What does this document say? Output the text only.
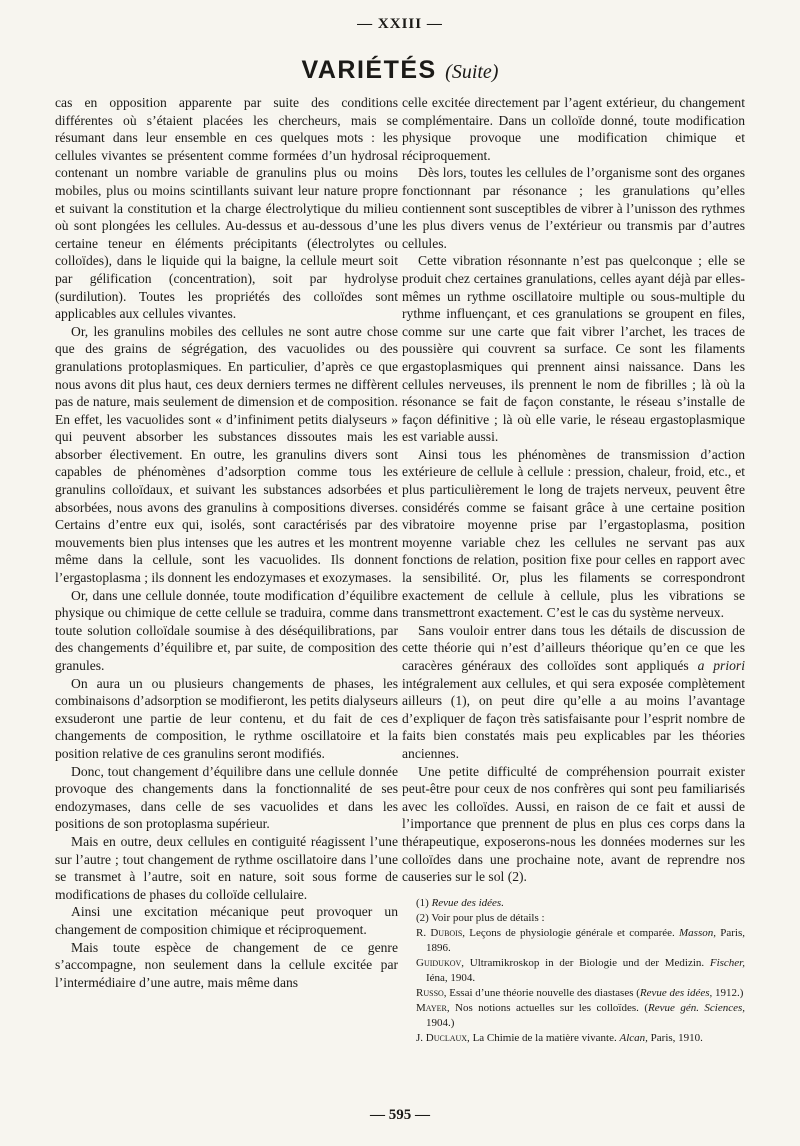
— XXIII —
VARIÉTÉS (Suite)

cas en opposition apparente par suite des conditions différentes où s’étaient placées les chercheurs, mais se résumant dans leur ensemble en ces quelques mots : les cellules vivantes se présentent comme formées d’un hydrosal contenant un nombre variable de granulins plus ou moins mobiles, plus ou moins scintillants suivant leur nature propre et suivant la constitution et la charge électrolytique du milieu où sont plongées les cellules. Au-dessus et au-dessous d’une certaine teneur en éléments précipitants (électrolytes ou colloïdes), dans le liquide qui la baigne, la cellule meurt soit par gélification (concentration), soit par hydrolyse (surdilution). Toutes les propriétés des colloïdes sont applicables aux cellules vivantes.

Or, les granulins mobiles des cellules ne sont autre chose que des grains de ségrégation, des vacuolides ou des granulations protoplasmiques. En particulier, d’après ce que nous avons dit plus haut, ces deux derniers termes ne diffèrent pas de nature, mais seulement de dimension et de composition. En effet, les vacuolides sont « d’infiniment petits dialyseurs » qui peuvent absorber les substances dissoutes mais les absorber électivement. En outre, les granulins divers sont capables de phénomènes d’adsorption comme tous les granulins colloïdaux, et suivant les substances adsorbées et absorbées, nous avons des granulins à compositions diverses. Certains d’entre eux qui, isolés, sont caractérisés par des mouvements bien plus intenses que les autres et les montrent même dans la cellule, sont les vacuolides. Ils donnent l’ergastoplasma ; ils donnent les endozymases et exozymases.

Or, dans une cellule donnée, toute modification d’équilibre physique ou chimique de cette cellule se traduira, comme dans toute solution colloïdale soumise à des déséquilibrations, par des changements d’équilibre et, par suite, de composition des granules.

On aura un ou plusieurs changements de phases, les combinaisons d’adsorption se modifieront, les petits dialyseurs exsuderont une partie de leur contenu, et du fait de ces changements de composition, le rythme oscillatoire et la position relative de ces granulins seront modifiés.

Donc, tout changement d’équilibre dans une cellule donnée provoque des changements dans la fonctionnalité de ses endozymases, dans celle de ses vacuolides et dans les positions de son protoplasma supérieur.

Mais en outre, deux cellules en contiguité réagissent l’une sur l’autre ; tout changement de rythme oscillatoire dans l’une se transmet à l’autre, soit en nature, soit sous forme de modifications de phases du colloïde cellulaire.

Ainsi une excitation mécanique peut provoquer un changement de composition chimique et réciproquement.

Mais toute espèce de changement de ce genre s’accompagne, non seulement dans la cellule excitée par l’intermédiaire d’une autre, mais même dans

celle excitée directement par l’agent extérieur, du changement complémentaire. Dans un colloïde donné, toute modification physique provoque une modification chimique et réciproquement.

Dès lors, toutes les cellules de l’organisme sont des organes fonctionnant par résonance ; les granulations qu’elles contiennent sont susceptibles de vibrer à l’unisson des rythmes les plus divers venus de l’extérieur ou transmis par d’autres cellules.

Cette vibration résonnante n’est pas quelconque ; elle se produit chez certaines granulations, celles ayant déjà par elles-mêmes un rythme oscillatoire multiple ou sous-multiple du rythme influençant, et ces granulations se groupent en files, comme sur une carte que fait vibrer l’archet, les traces de poussière qui couvrent sa surface. Ce sont les filaments ergastoplasmiques qui prennent ainsi naissance. Dans les cellules nerveuses, ils prennent le nom de fibrilles ; là où la résonance se fait de façon constante, le réseau s’installe de façon définitive ; là où elle varie, le réseau ergastoplasmique est variable aussi.

Ainsi tous les phénomènes de transmission d’action extérieure de cellule à cellule : pression, chaleur, froid, etc., et plus particulièrement le long de trajets nerveux, peuvent être considérés comme se faisant grâce à une certaine position vibratoire moyenne prise par l’ergastoplasma, position moyenne variable chez les cellules ne servant pas aux fonctions de relation, position fixe pour celles en rapport avec la sensibilité. Or, plus les filaments se correspondront exactement de cellule à cellule, plus les vibrations se transmettront exactement. C’est le cas du système nerveux.

Sans vouloir entrer dans tous les détails de discussion de cette théorie qui n’est d’ailleurs théorique qu’en ce que les caracères généraux des colloïdes sont appliqués a priori intégralement aux cellules, et qui sera exposée complètement ailleurs (1), on peut dire qu’elle a au moins l’avantage d’expliquer de façon très satisfaisante pour l’esprit nombre de faits bien constatés mais peu explicables par les théories anciennes.

Une petite difficulté de compréhension pourrait exister peut-être pour ceux de nos confrères qui sont peu familiarisés avec les colloïdes. Aussi, en raison de ce fait et aussi de l’importance que prennent de plus en plus ces corps dans la thérapeutique, exposerons-nous les données modernes sur les colloïdes dans une prochaine note, avant de reprendre nos causeries sur le sol (2).

(1) Revue des idées.

(2) Voir pour plus de détails :

R. Dubois, Leçons de physiologie générale et comparée. Masson, Paris, 1896.

Guidukov, Ultramikroskop in der Biologie und der Medizin. Fischer, Iéna, 1904.

Russo, Essai d’une théorie nouvelle des diastases (Revue des idées, 1912.)

Mayer, Nos notions actuelles sur les colloïdes. (Revue gén. Sciences, 1904.)

J. Duclaux, La Chimie de la matière vivante. Alcan, Paris, 1910.

— 595 —
